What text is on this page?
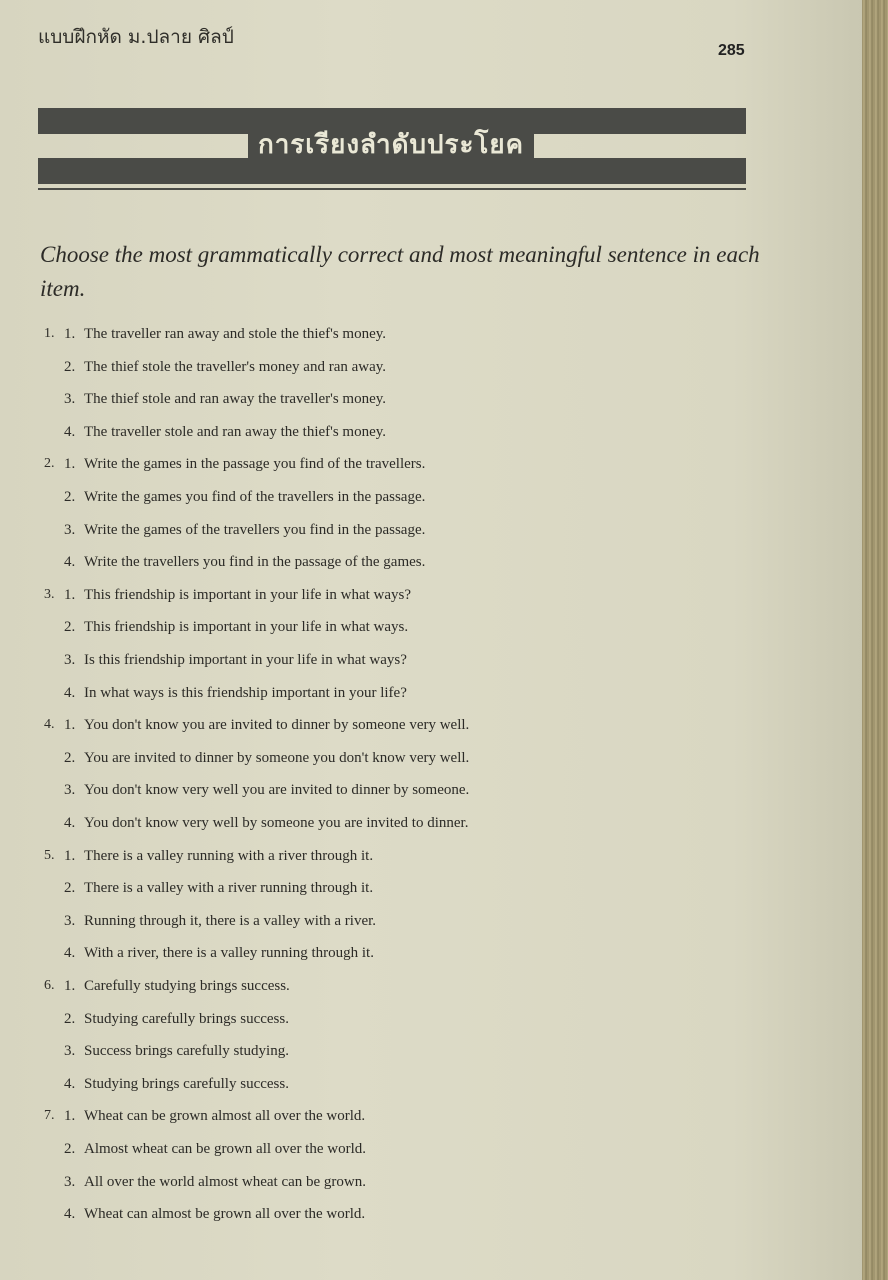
แบบฝึกหัด ม.ปลาย ศิลป์
285
การเรียงลำดับประโยค
Choose the most grammatically correct and most meaningful sentence in each item.
1. 1. The traveller ran away and stole the thief's money.
2. The thief stole the traveller's money and ran away.
3. The thief stole and ran away the traveller's money.
4. The traveller stole and ran away the thief's money.
2. 1. Write the games in the passage you find of the travellers.
2. Write the games you find of the travellers in the passage.
3. Write the games of the travellers you find in the passage.
4. Write the travellers you find in the passage of the games.
3. 1. This friendship is important in your life in what ways?
2. This friendship is important in your life in what ways.
3. Is this friendship important in your life in what ways?
4. In what ways is this friendship important in your life?
4. 1. You don't know you are invited to dinner by someone very well.
2. You are invited to dinner by someone you don't know very well.
3. You don't know very well you are invited to dinner by someone.
4. You don't know very well by someone you are invited to dinner.
5. 1. There is a valley running with a river through it.
2. There is a valley with a river running through it.
3. Running through it, there is a valley with a river.
4. With a river, there is a valley running through it.
6. 1. Carefully studying brings success.
2. Studying carefully brings success.
3. Success brings carefully studying.
4. Studying brings carefully success.
7. 1. Wheat can be grown almost all over the world.
2. Almost wheat can be grown all over the world.
3. All over the world almost wheat can be grown.
4. Wheat can almost be grown all over the world.
